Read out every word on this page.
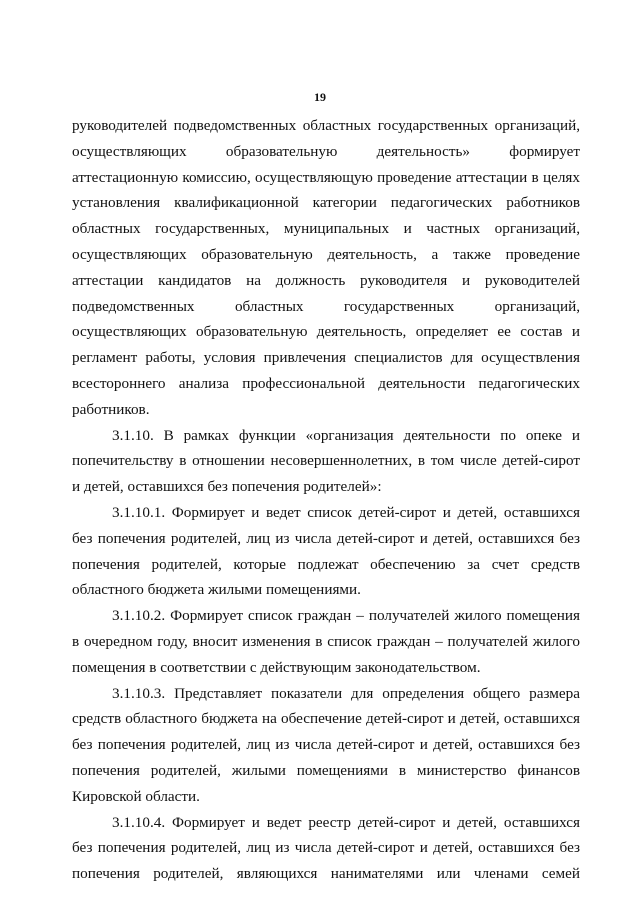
19
руководителей подведомственных областных государственных организаций,
осуществляющих образовательную деятельность» формирует
аттестационную комиссию, осуществляющую проведение аттестации в целях
установления квалификационной категории педагогических работников
областных государственных, муниципальных и частных организаций,
осуществляющих образовательную деятельность, а также проведение
аттестации кандидатов на должность руководителя и руководителей
подведомственных областных государственных организаций,
осуществляющих образовательную деятельность, определяет ее состав и
регламент работы, условия привлечения специалистов для осуществления
всестороннего анализа профессиональной деятельности педагогических
работников.
3.1.10. В рамках функции «организация деятельности по опеке и
попечительству в отношении несовершеннолетних, в том числе детей-сирот
и детей, оставшихся без попечения родителей»:
3.1.10.1. Формирует и ведет список детей-сирот и детей, оставшихся
без попечения родителей, лиц из числа детей-сирот и детей, оставшихся без
попечения родителей, которые подлежат обеспечению за счет средств
областного бюджета жилыми помещениями.
3.1.10.2. Формирует список граждан – получателей жилого помещения
в очередном году, вносит изменения в список граждан – получателей жилого
помещения в соответствии с действующим законодательством.
3.1.10.3. Представляет показатели для определения общего размера
средств областного бюджета на обеспечение детей-сирот и детей, оставшихся
без попечения родителей, лиц из числа детей-сирот и детей, оставшихся без
попечения родителей, жилыми помещениями в министерство финансов
Кировской области.
3.1.10.4. Формирует и ведет реестр детей-сирот и детей, оставшихся
без попечения родителей, лиц из числа детей-сирот и детей, оставшихся без
попечения родителей, являющихся нанимателями или членами семей
